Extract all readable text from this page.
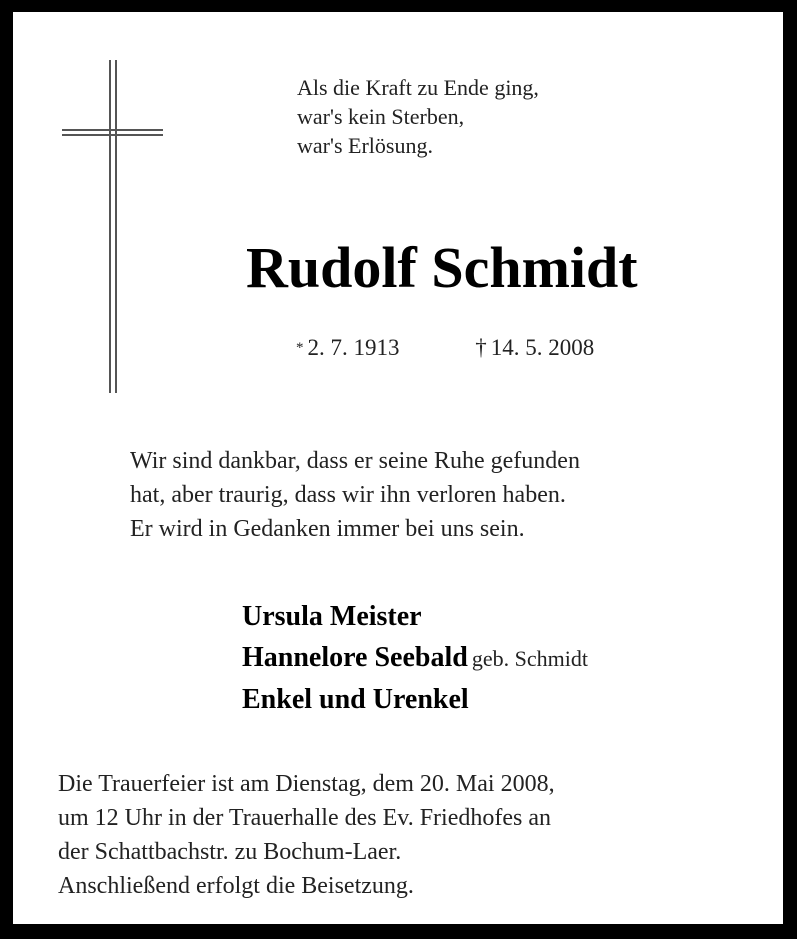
Als die Kraft zu Ende ging,
war's kein Sterben,
war's Erlösung.
Rudolf Schmidt
* 2. 7. 1913	† 14. 5. 2008
Wir sind dankbar, dass er seine Ruhe gefunden
hat, aber traurig, dass wir ihn verloren haben.
Er wird in Gedanken immer bei uns sein.
Ursula Meister
Hannelore Seebald geb. Schmidt
Enkel und Urenkel
Die Trauerfeier ist am Dienstag, dem 20. Mai 2008,
um 12 Uhr in der Trauerhalle des Ev. Friedhofes an
der Schattbachstr. zu Bochum-Laer.
Anschließend erfolgt die Beisetzung.
